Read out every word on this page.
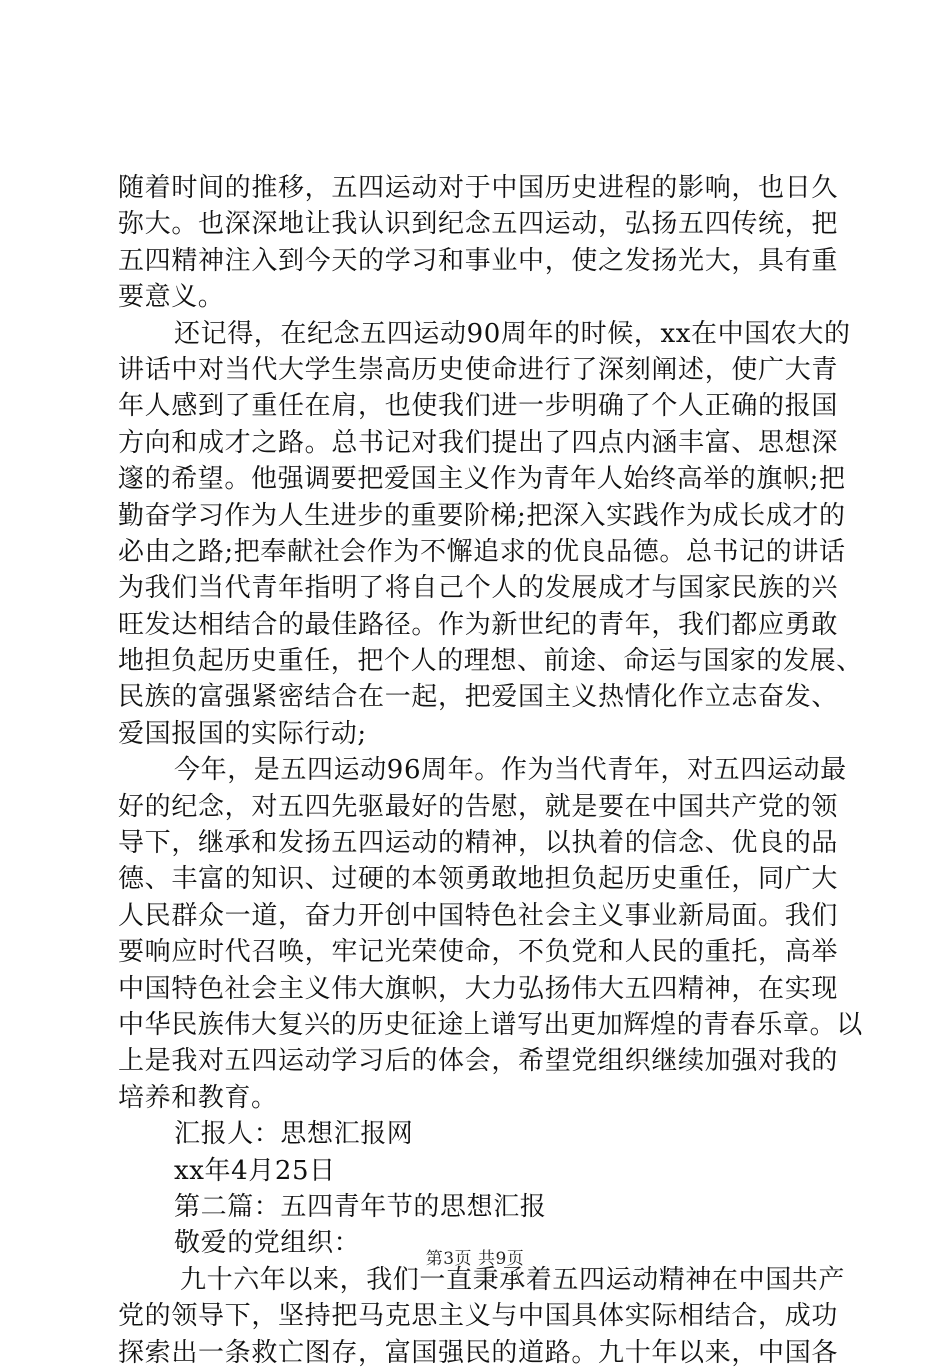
随着时间的推移，五四运动对于中国历史进程的影响，也日久
弥大。也深深地让我认识到纪念五四运动，弘扬五四传统，把
五四精神注入到今天的学习和事业中，使之发扬光大，具有重
要意义。
还记得，在纪念五四运动90周年的时候，xx在中国农大的
讲话中对当代大学生崇高历史使命进行了深刻阐述，使广大青
年人感到了重任在肩，也使我们进一步明确了个人正确的报国
方向和成才之路。总书记对我们提出了四点内涵丰富、思想深
邃的希望。他强调要把爱国主义作为青年人始终高举的旗帜;把
勤奋学习作为人生进步的重要阶梯;把深入实践作为成长成才的
必由之路;把奉献社会作为不懈追求的优良品德。总书记的讲话
为我们当代青年指明了将自己个人的发展成才与国家民族的兴
旺发达相结合的最佳路径。作为新世纪的青年，我们都应勇敢
地担负起历史重任，把个人的理想、前途、命运与国家的发展、
民族的富强紧密结合在一起，把爱国主义热情化作立志奋发、
爱国报国的实际行动;
今年，是五四运动96周年。作为当代青年，对五四运动最
好的纪念，对五四先驱最好的告慰，就是要在中国共产党的领
导下，继承和发扬五四运动的精神，以执着的信念、优良的品
德、丰富的知识、过硬的本领勇敢地担负起历史重任，同广大
人民群众一道，奋力开创中国特色社会主义事业新局面。我们
要响应时代召唤，牢记光荣使命，不负党和人民的重托，高举
中国特色社会主义伟大旗帜，大力弘扬伟大五四精神，在实现
中华民族伟大复兴的历史征途上谱写出更加辉煌的青春乐章。以
上是我对五四运动学习后的体会，希望党组织继续加强对我的
培养和教育。
汇报人：思想汇报网
xx年4月25日
第二篇：五四青年节的思想汇报
敬爱的党组织：
九十六年以来，我们一直秉承着五四运动精神在中国共产
党的领导下，坚持把马克思主义与中国具体实际相结合，成功
探索出一条救亡图存，富国强民的道路。九十年以来，中国各
第3页 共9页
